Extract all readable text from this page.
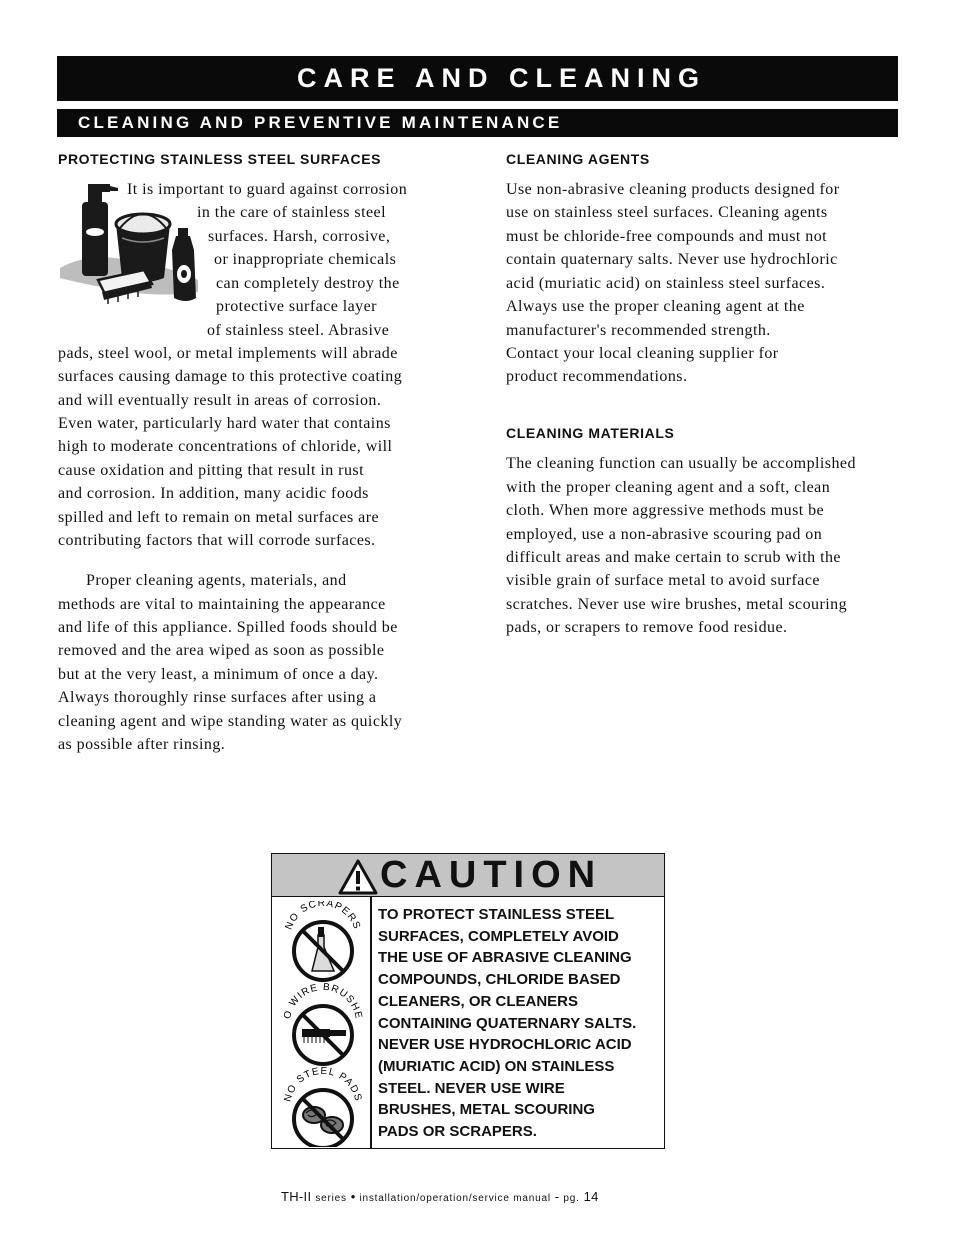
CARE AND CLEANING
CLEANING AND PREVENTIVE MAINTENANCE
PROTECTING STAINLESS STEEL SURFACES
It is important to guard against corrosion
in the care of stainless steel
surfaces. Harsh, corrosive,
or inappropriate chemicals
can completely destroy the
protective surface layer
of stainless steel. Abrasive
pads, steel wool, or metal implements will abrade
surfaces causing damage to this protective coating
and will eventually result in areas of corrosion.
Even water, particularly hard water that contains
high to moderate concentrations of chloride, will
cause oxidation and pitting that result in rust
and corrosion. In addition, many acidic foods
spilled and left to remain on metal surfaces are
contributing factors that will corrode surfaces.
Proper cleaning agents, materials, and
methods are vital to maintaining the appearance
and life of this appliance. Spilled foods should be
removed and the area wiped as soon as possible
but at the very least, a minimum of once a day.
Always thoroughly rinse surfaces after using a
cleaning agent and wipe standing water as quickly
as possible after rinsing.
CLEANING AGENTS
Use non-abrasive cleaning products designed for
use on stainless steel surfaces. Cleaning agents
must be chloride-free compounds and must not
contain quaternary salts. Never use hydrochloric
acid (muriatic acid) on stainless steel surfaces.
Always use the proper cleaning agent at the
manufacturer's recommended strength.
Contact your local cleaning supplier for
product recommendations.
CLEANING MATERIALS
The cleaning function can usually be accomplished
with the proper cleaning agent and a soft, clean
cloth. When more aggressive methods must be
employed, use a non-abrasive scouring pad on
difficult areas and make certain to scrub with the
visible grain of surface metal to avoid surface
scratches. Never use wire brushes, metal scouring
pads, or scrapers to remove food residue.
CAUTION
NO SCRAPERS
O WIRE BRUSHE
NO STEEL PADS
TO PROTECT STAINLESS STEEL
SURFACES, COMPLETELY AVOID
THE USE OF ABRASIVE CLEANING
COMPOUNDS, CHLORIDE BASED
CLEANERS, OR CLEANERS
CONTAINING QUATERNARY SALTS.
NEVER USE HYDROCHLORIC ACID
(MURIATIC ACID) ON STAINLESS
STEEL. NEVER USE WIRE
BRUSHES, METAL SCOURING
PADS OR SCRAPERS.
TH-II series • installation/operation/service manual - pg. 14
